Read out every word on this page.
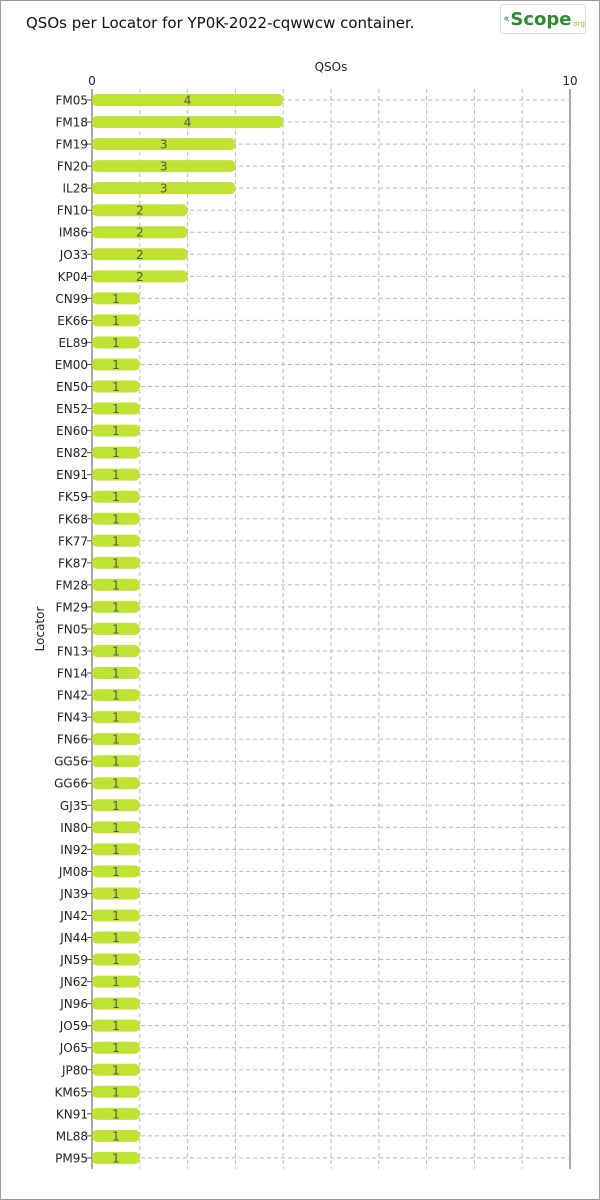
QSOs per Locator for YP0K-2022-cqwwcw container.	Scope org
QSOs
Locator
0	10
FM05	4
FM18	4
FM19	3
FN20	3
IL28	3
FN10	2
IM86	2
JO33	2
KP04	2
CN99 1
EK66 1
EL89 1
EM00 1
EN50 1
EN52 1
EN60 1
EN82 1
EN91 1
FK59 1
FK68 1
FK77 1
FK87 1
FM28 1
FM29 1
FN05 1
FN13 1
FN14 1
FN42 1
FN43 1
FN66 1
GG56 1
GG66 1
GJ35 1
IN80 1
IN92 1
JM08 1
JN39 1
JN42 1
JN44 1
JN59 1
JN62 1
JN96 1
JO59 1
JO65 1
JP80 1
KM65 1
KN91 1
ML88 1
PM95 1
